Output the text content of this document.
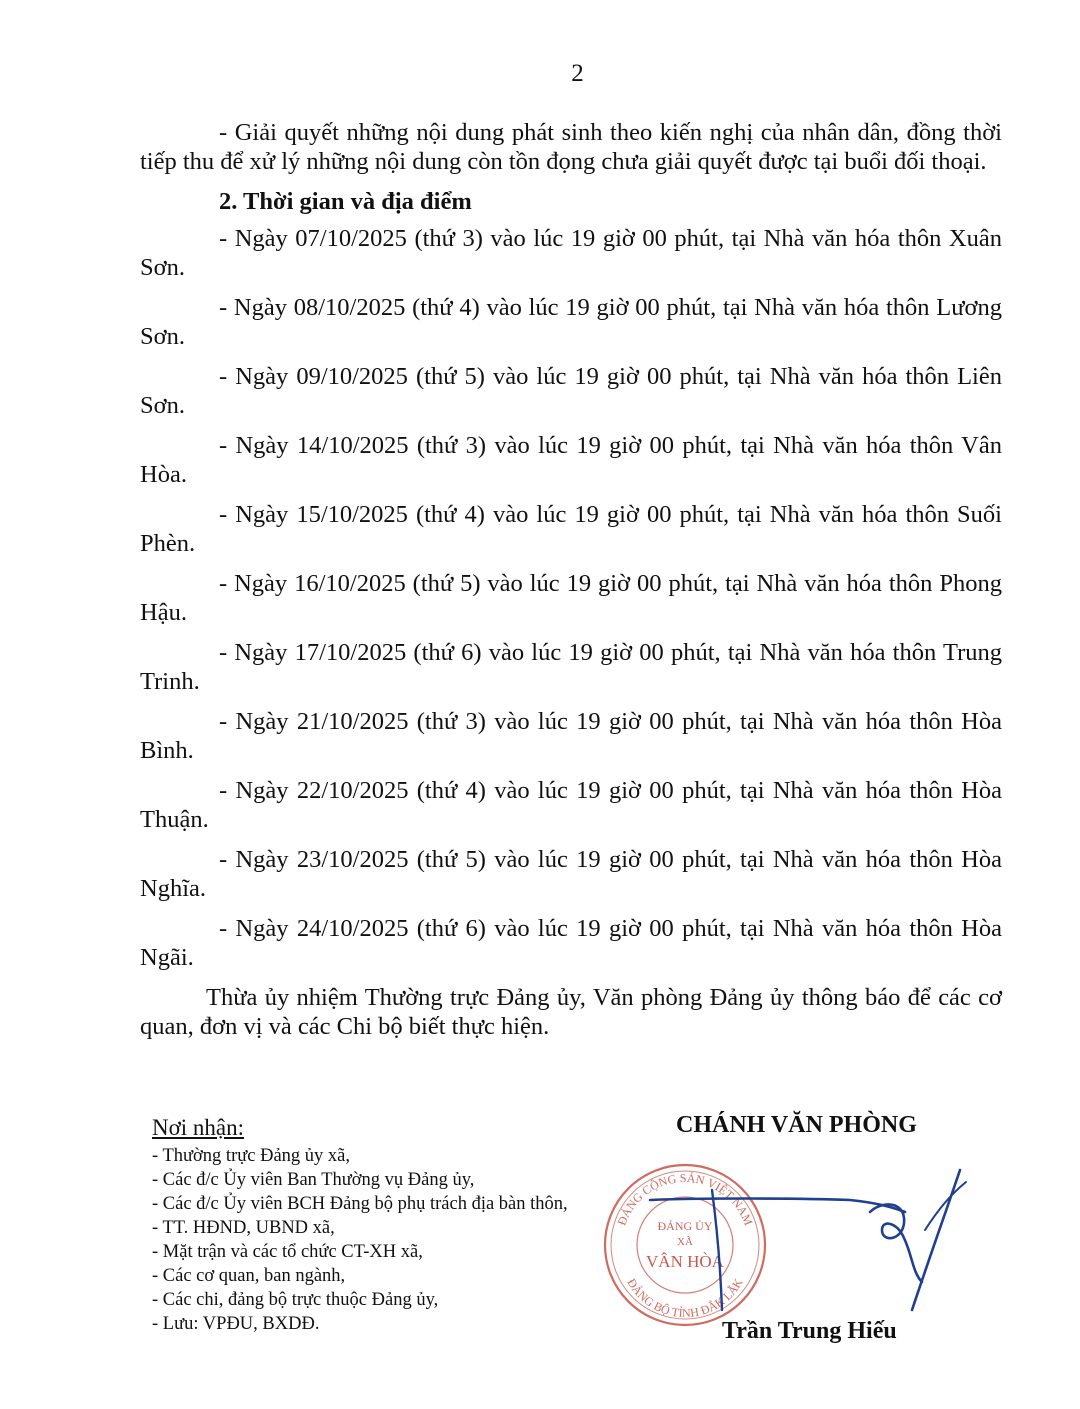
2

- Giải quyết những nội dung phát sinh theo kiến nghị của nhân dân, đồng thời tiếp thu để xử lý những nội dung còn tồn đọng chưa giải quyết được tại buổi đối thoại.

2. Thời gian và địa điểm

- Ngày 07/10/2025 (thứ 3) vào lúc 19 giờ 00 phút, tại Nhà văn hóa thôn Xuân Sơn.
- Ngày 08/10/2025 (thứ 4) vào lúc 19 giờ 00 phút, tại Nhà văn hóa thôn Lương Sơn.
- Ngày 09/10/2025 (thứ 5) vào lúc 19 giờ 00 phút, tại Nhà văn hóa thôn Liên Sơn.
- Ngày 14/10/2025 (thứ 3) vào lúc 19 giờ 00 phút, tại Nhà văn hóa thôn Vân Hòa.
- Ngày 15/10/2025 (thứ 4) vào lúc 19 giờ 00 phút, tại Nhà văn hóa thôn Suối Phèn.
- Ngày 16/10/2025 (thứ 5) vào lúc 19 giờ 00 phút, tại Nhà văn hóa thôn Phong Hậu.
- Ngày 17/10/2025 (thứ 6) vào lúc 19 giờ 00 phút, tại Nhà văn hóa thôn Trung Trinh.
- Ngày 21/10/2025 (thứ 3) vào lúc 19 giờ 00 phút, tại Nhà văn hóa thôn Hòa Bình.
- Ngày 22/10/2025 (thứ 4) vào lúc 19 giờ 00 phút, tại Nhà văn hóa thôn Hòa Thuận.
- Ngày 23/10/2025 (thứ 5) vào lúc 19 giờ 00 phút, tại Nhà văn hóa thôn Hòa Nghĩa.
- Ngày 24/10/2025 (thứ 6) vào lúc 19 giờ 00 phút, tại Nhà văn hóa thôn Hòa Ngãi.

Thừa ủy nhiệm Thường trực Đảng ủy, Văn phòng Đảng ủy thông báo để các cơ quan, đơn vị và các Chi bộ biết thực hiện.

Nơi nhận:
- Thường trực Đảng ủy xã,
- Các đ/c Ủy viên Ban Thường vụ Đảng ủy,
- Các đ/c Ủy viên BCH Đảng bộ phụ trách địa bàn thôn,
- TT. HĐND, UBND xã,
- Mặt trận và các tổ chức CT-XH xã,
- Các cơ quan, ban ngành,
- Các chi, đảng bộ trực thuộc Đảng ủy,
- Lưu: VPĐU, BXDĐ.
CHÁNH VĂN PHÒNG
ĐẢNG CỘNG SẢN VIỆT NAM
ĐẢNG BỘ TỈNH ĐẮK LẮK
ĐẢNG ỦY
XÃ
VÂN HÒA
Trần Trung Hiếu
